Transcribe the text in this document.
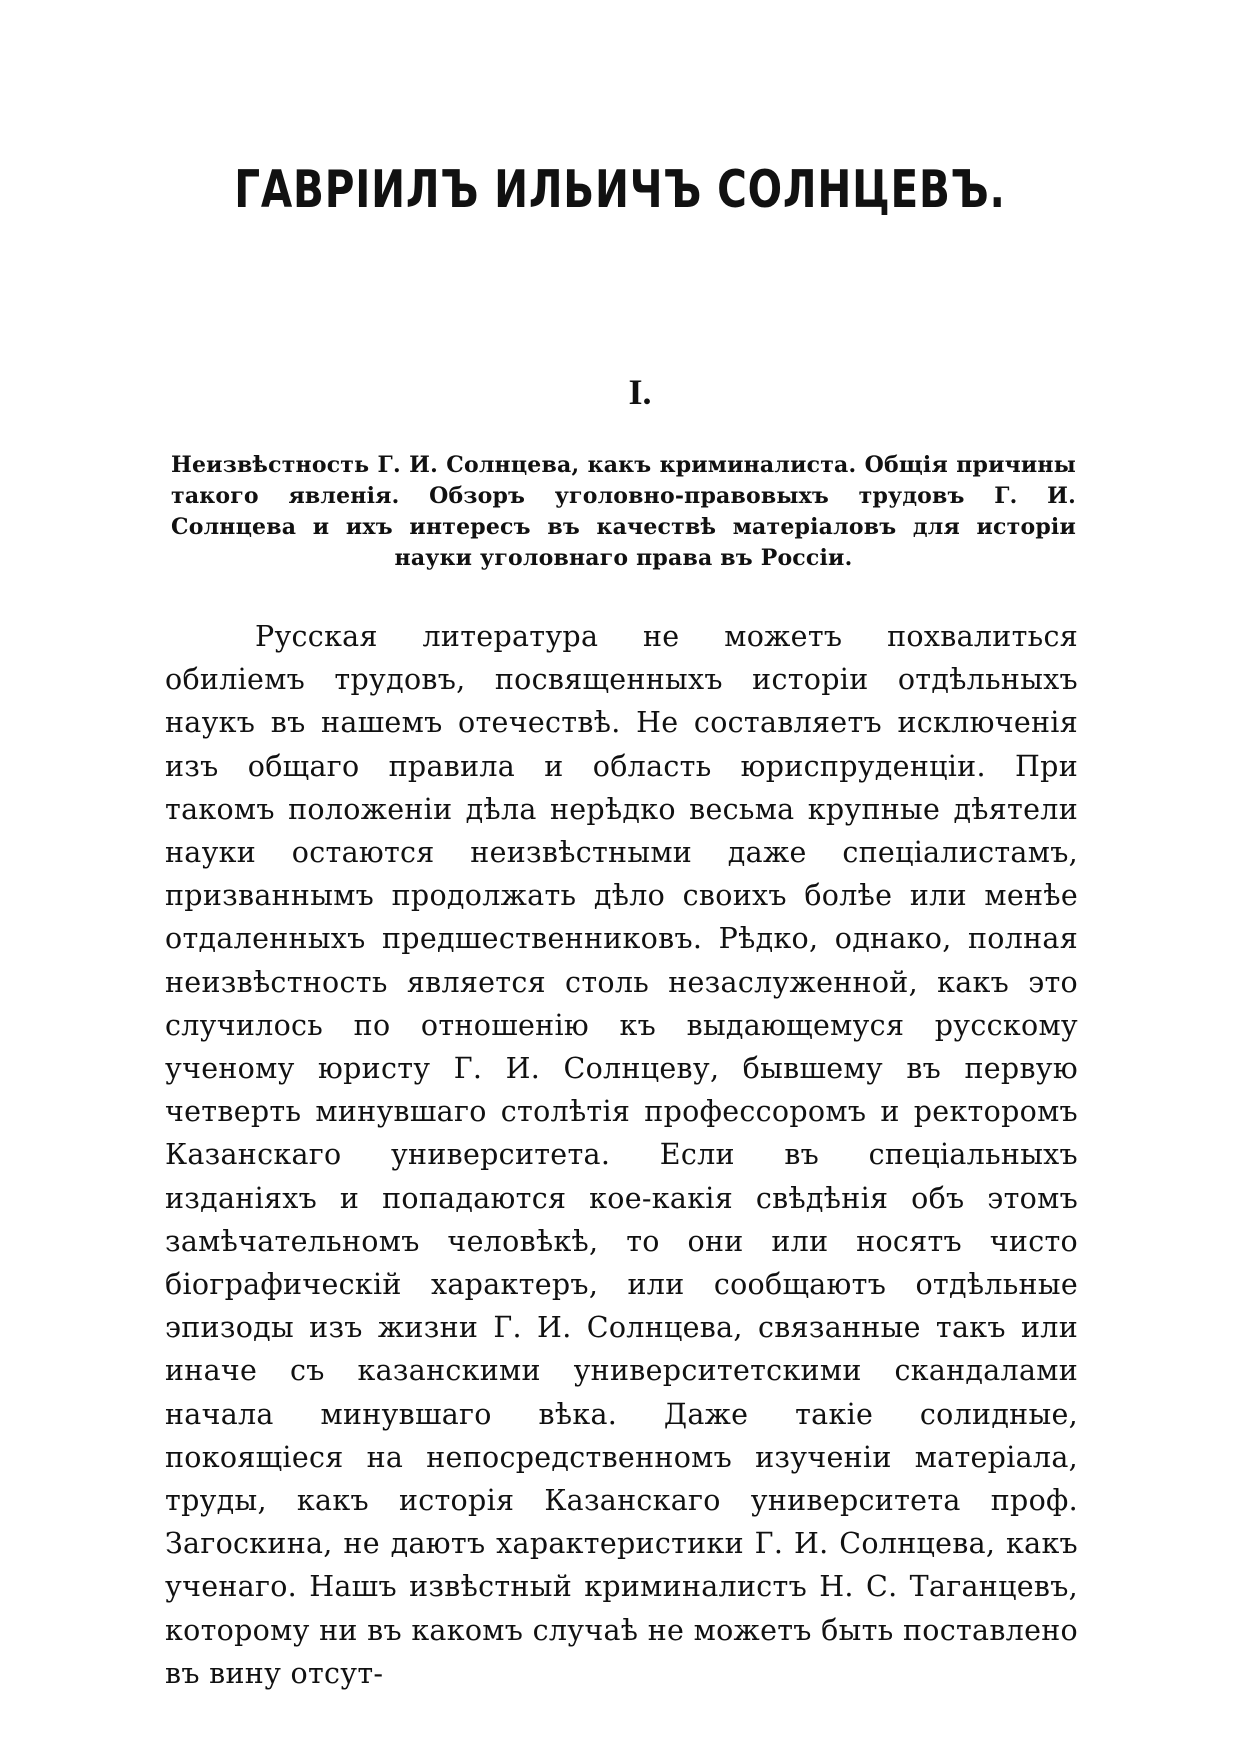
ГАВРІИЛЪ ИЛЬИЧЪ СОЛНЦЕВЪ.
I.

Неизвѣстность Г. И. Солнцева, какъ криминалиста. Общія причины такого явленія. Обзоръ уголовно-правовыхъ трудовъ Г. И. Солнцева и ихъ интересъ въ качествѣ матеріаловъ для исторіи науки уголовнаго права въ Россіи.

Русская литература не можетъ похвалиться обиліемъ трудовъ, посвященныхъ исторіи отдѣльныхъ наукъ въ нашемъ отечествѣ. Не составляетъ исключенія изъ общаго правила и область юриспруденціи. При такомъ положеніи дѣла нерѣдко весьма крупные дѣятели науки остаются неизвѣстными даже спеціалистамъ, призваннымъ продолжать дѣло своихъ болѣе или менѣе отдаленныхъ предшественниковъ. Рѣдко, однако, полная неизвѣстность является столь незаслуженной, какъ это случилось по отношенію къ выдающемуся русскому ученому юристу Г. И. Солнцеву, бывшему въ первую четверть минувшаго столѣтія профессоромъ и ректоромъ Казанскаго университета. Если въ спеціальныхъ изданіяхъ и попадаются кое-какія свѣдѣнія объ этомъ замѣчательномъ человѣкѣ, то они или носятъ чисто біографическій характеръ, или сообщаютъ отдѣльные эпизоды изъ жизни Г. И. Солнцева, связанные такъ или иначе съ казанскими университетскими скандалами начала минувшаго вѣка. Даже такіе солидные, покоящіеся на непосредственномъ изученіи матеріала, труды, какъ исторія Казанскаго университета проф. Загоскина, не даютъ характеристики Г. И. Солнцева, какъ ученаго. Нашъ извѣстный криминалистъ Н. С. Таганцевъ, которому ни въ какомъ случаѣ не можетъ быть поставлено въ вину отсут-
